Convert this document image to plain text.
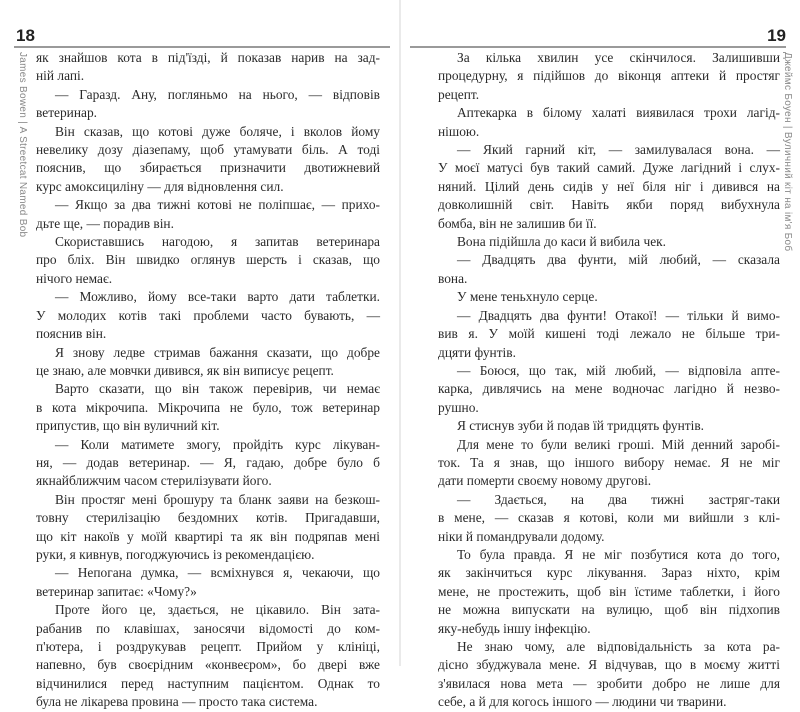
18
James Bowen | A Streetcat Named Bob як знайшов кота в під'їзді, й показав нарив на зад-
ній лапі.
— Гаразд. Ану, погляньмо на нього, — відповів
ветеринар.
Він сказав, що котові дуже боляче, і вколов йому
невелику дозу діазепаму, щоб утамувати біль. А тоді
пояснив, що збирається призначити двотижневий
курс амоксициліну — для відновлення сил.
— Якщо за два тижні котові не поліпшає, — прихо-
дьте ще, — порадив він.
Скориставшись нагодою, я запитав ветеринара
про бліх. Він швидко оглянув шерсть і сказав, що
нічого немає.
— Можливо, йому все-таки варто дати таблетки.
У молодих котів такі проблеми часто бувають, —
пояснив він.
Я знову ледве стримав бажання сказати, що добре
це знаю, але мовчки дивився, як він виписує рецепт.
Варто сказати, що він також перевірив, чи немає
в кота мікрочипа. Мікрочипа не було, тож ветеринар
припустив, що він вуличний кіт.
— Коли матимете змогу, пройдіть курс лікуван-
ня, — додав ветеринар. — Я, гадаю, добре було б
якнайближчим часом стерилізувати його.
Він простяг мені брошуру та бланк заяви на безкош-
товну стерилізацію бездомних котів. Пригадавши,
що кіт накоїв у моїй квартирі та як він подряпав мені
руки, я кивнув, погоджуючись із рекомендацією.
— Непогана думка, — всміхнувся я, чекаючи, що
ветеринар запитає: «Чому?»
Проте його це, здається, не цікавило. Він затa-
рабанив по клавішах, заносячи відомості до ком-
п'ютера, і роздрукував рецепт. Прийом у клініці,
напевно, був своєрідним «конвеєром», бо дверi вже
відчинилися перед наступним пацієнтом. Однак то
була не лікарева провина — просто така система.
19
Джеймс Боуен | Вуличний кіт на ім'я Боб
За кілька хвилин усе скінчилося. Залишивши
процедурну, я підійшов до віконця аптеки й простяг
рецепт.
Аптекарка в білому халаті виявилася трохи лагід-
нішою.
— Який гарний кіт, — замилувалася вона. —
У моєї матусі був такий самий. Дуже лагідний і слух-
няний. Цілий день сидів у неї біля ніг і дивився на
довколишній світ. Навіть якби поряд вибухнула
бомба, він не залишив би її.
Вона підійшла до каси й вибила чек.
— Двадцять два фунти, мій любий, — сказала
вона.
У мене теньхнуло серце.
— Двадцять два фунти! Отакої! — тільки й вимо-
вив я. У моїй кишені тоді лежало не більше три-
дцяти фунтів.
— Боюся, що так, мій любий, — відповіла апте-
карка, дивлячись на мене водночас лагідно й незво-
рушно.
Я стиснув зуби й подав їй тридцять фунтів.
Для мене то були великі гроші. Мій денний заробі-
ток. Та я знав, що іншого вибору немає. Я не міг
дати померти своєму новому другові.
— Здається, на два тижні застряг-таки
в мене, — сказав я котові, коли ми вийшли з клі-
ніки й помандрували додому.
То була правда. Я не міг позбутися кота до того,
як закінчиться курс лікування. Зараз ніхто, крім
мене, не простежить, щоб він їстиме таблетки, і його
не можна випускати на вулицю, щоб він підхопив
яку-небудь іншу інфекцію.
Не знаю чому, але відповідальність за кота ра-
дісно збуджувала мене. Я відчував, що в моєму житті
з'явилася нова мета — зробити добро не лише для
себе, а й для когось іншого — людини чи тварини.
